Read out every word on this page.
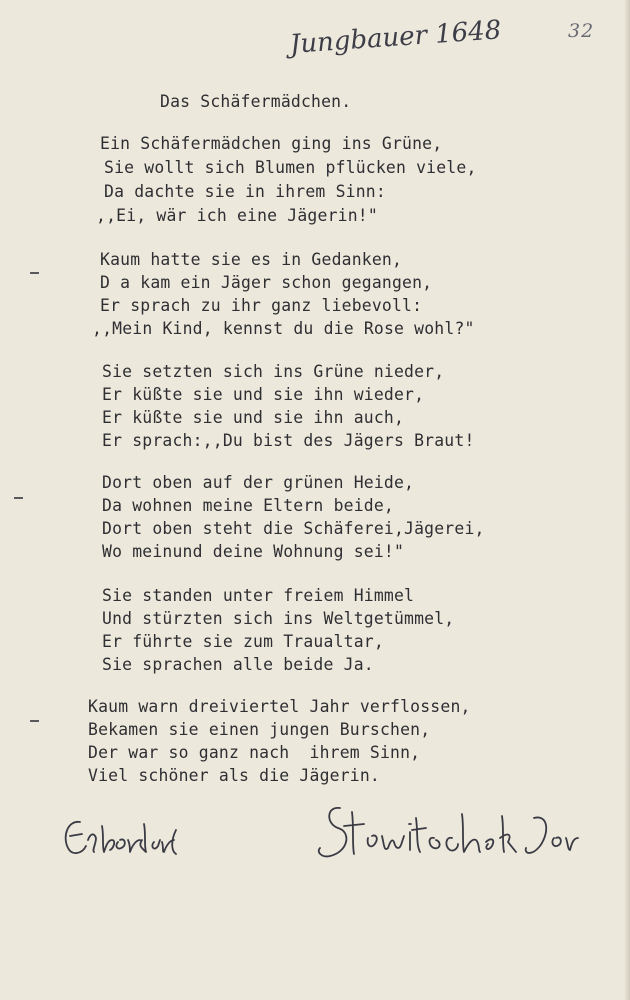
32
Jungbauer 1648
Das Schäfermädchen.
Ein Schäfermädchen ging ins Grüne,
Sie wollt sich Blumen pflücken viele,
Da dachte sie in ihrem Sinn:
,,Ei, wär ich eine Jägerin!"
Kaum hatte sie es in Gedanken,
D a kam ein Jäger schon gegangen,
Er sprach zu ihr ganz liebevoll:
,,Mein Kind, kennst du die Rose wohl?"
Sie setzten sich ins Grüne nieder,
Er küßte sie und sie ihn wieder,
Er küßte sie und sie ihn auch,
Er sprach:,,Du bist des Jägers Braut!
Dort oben auf der grünen Heide,
Da wohnen meine Eltern beide,
Dort oben steht die Schäferei,Jägerei,
Wo meinund deine Wohnung sei!"
Sie standen unter freiem Himmel
Und stürzten sich ins Weltgetümmel,
Er führte sie zum Traualtar,
Sie sprachen alle beide Ja.
Kaum warn dreiviertel Jahr verflossen,
Bekamen sie einen jungen Burschen,
Der war so ganz nach  ihrem Sinn,
Viel schöner als die Jägerin.
